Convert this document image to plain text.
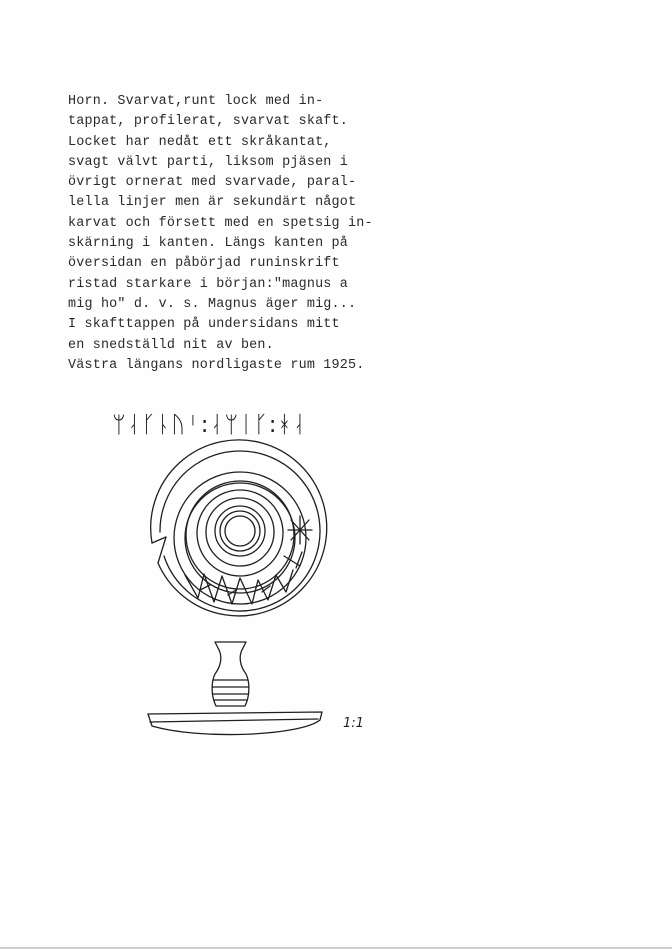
Horn. Svarvat,runt lock med in-
tappat, profilerat, svarvat skaft.
Locket har nedåt ett skråkantat,
svagt välvt parti, liksom pjäsen i
övrigt ornerat med svarvade, paral-
lella linjer men är sekundärt något
karvat och försett med en spetsig in-
skärning i kanten. Längs kanten på
översidan en påbörjad runinskrift
ristad starkare i början:"magnus a
mig ho" d. v. s. Magnus äger mig...
I skafttappen på undersidans mitt
en snedställd nit av ben.
Västra längans nordligaste rum 1925.
ᛘᛆᚴᚿᚢᛌ:ᛆᛘᛁᚴ:ᚼᛆ
1:1
